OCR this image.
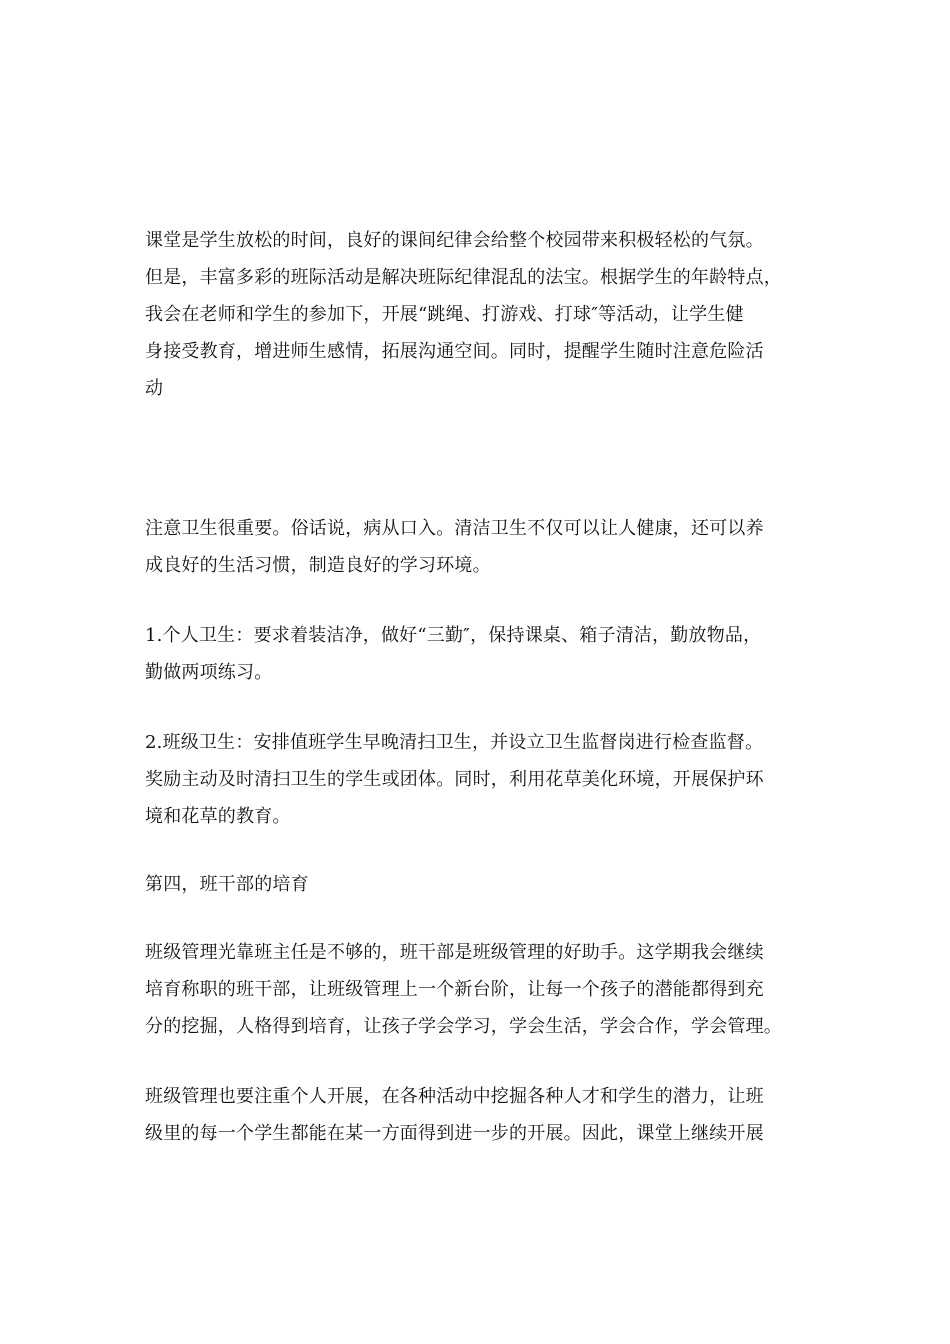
课堂是学生放松的时间，良好的课间纪律会给整个校园带来积极轻松的气氛。
但是，丰富多彩的班际活动是解决班际纪律混乱的法宝。根据学生的年龄特点，
我会在老师和学生的参加下，开展“跳绳、打游戏、打球″等活动，让学生健
身接受教育，增进师生感情，拓展沟通空间。同时，提醒学生随时注意危险活
动

注意卫生很重要。俗话说，病从口入。清洁卫生不仅可以让人健康，还可以养
成良好的生活习惯，制造良好的学习环境。

1.个人卫生：要求着装洁净，做好“三勤″，保持课桌、箱子清洁，勤放物品，
勤做两项练习。

2.班级卫生：安排值班学生早晚清扫卫生，并设立卫生监督岗进行检查监督。
奖励主动及时清扫卫生的学生或团体。同时，利用花草美化环境，开展保护环
境和花草的教育。

第四，班干部的培育

班级管理光靠班主任是不够的，班干部是班级管理的好助手。这学期我会继续
培育称职的班干部，让班级管理上一个新台阶，让每一个孩子的潜能都得到充
分的挖掘，人格得到培育，让孩子学会学习，学会生活，学会合作，学会管理。

班级管理也要注重个人开展，在各种活动中挖掘各种人才和学生的潜力，让班
级里的每一个学生都能在某一方面得到进一步的开展。因此，课堂上继续开展
